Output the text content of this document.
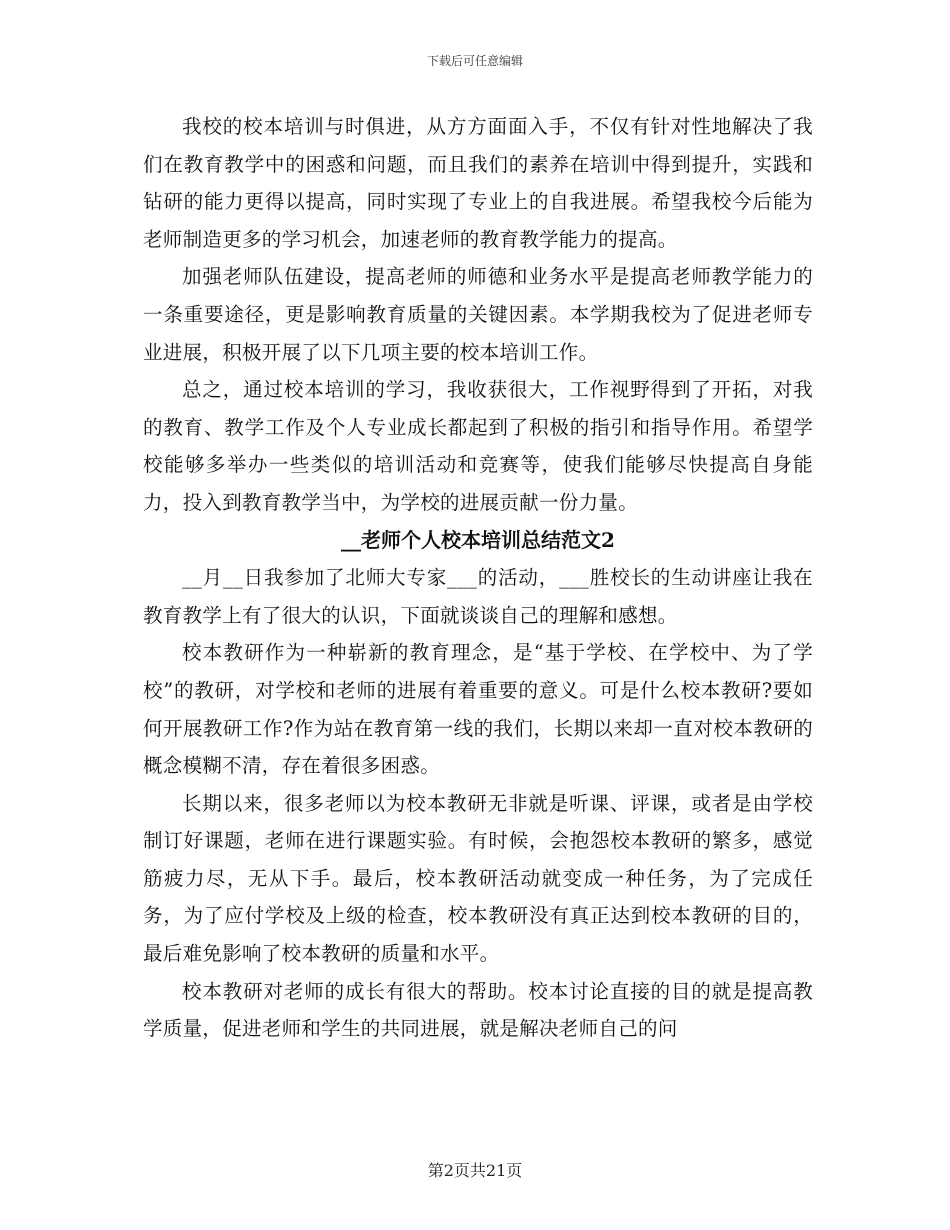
下载后可任意编辑

我校的校本培训与时俱进，从方方面面入手，不仅有针对性地解决了我们在教育教学中的困惑和问题，而且我们的素养在培训中得到提升，实践和钻研的能力更得以提高，同时实现了专业上的自我进展。希望我校今后能为老师制造更多的学习机会，加速老师的教育教学能力的提高。

加强老师队伍建设，提高老师的师德和业务水平是提高老师教学能力的一条重要途径，更是影响教育质量的关键因素。本学期我校为了促进老师专业进展，积极开展了以下几项主要的校本培训工作。

总之，通过校本培训的学习，我收获很大，工作视野得到了开拓，对我的教育、教学工作及个人专业成长都起到了积极的指引和指导作用。希望学校能够多举办一些类似的培训活动和竞赛等，使我们能够尽快提高自身能力，投入到教育教学当中，为学校的进展贡献一份力量。

__老师个人校本培训总结范文2

__月__日我参加了北师大专家___的活动，___胜校长的生动讲座让我在教育教学上有了很大的认识，下面就谈谈自己的理解和感想。

校本教研作为一种崭新的教育理念，是“基于学校、在学校中、为了学校”的教研，对学校和老师的进展有着重要的意义。可是什么校本教研?要如何开展教研工作?作为站在教育第一线的我们，长期以来却一直对校本教研的概念模糊不清，存在着很多困惑。

长期以来，很多老师以为校本教研无非就是听课、评课，或者是由学校制订好课题，老师在进行课题实验。有时候，会抱怨校本教研的繁多，感觉筋疲力尽，无从下手。最后，校本教研活动就变成一种任务，为了完成任务，为了应付学校及上级的检查，校本教研没有真正达到校本教研的目的，最后难免影响了校本教研的质量和水平。

校本教研对老师的成长有很大的帮助。校本讨论直接的目的就是提高教学质量，促进老师和学生的共同进展，就是解决老师自己的问

第2页共21页
